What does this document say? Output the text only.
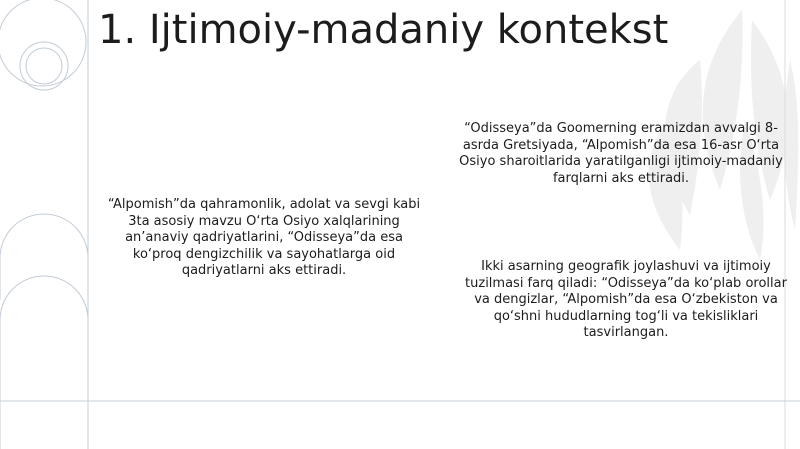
1. Ijtimoiy-madaniy kontekst

“Alpomish”da qahramonlik, adolat va sevgi kabi 3ta asosiy mavzu O‘rta Osiyo xalqlarining an’anaviy qadriyatlarini, “Odisseya”da esa ko‘proq dengizchilik va sayohatlarga oid qadriyatlarni aks ettiradi.

“Odisseya”da Goomerning eramizdan avvalgi 8-asrda Gretsiyada, “Alpomish”da esa 16-asr O‘rta Osiyo sharoitlarida yaratilganligi ijtimoiy-madaniy farqlarni aks ettiradi.

Ikki asarning geografik joylashuvi va ijtimoiy tuzilmasi farq qiladi: “Odisseya”da ko‘plab orollar va dengizlar, “Alpomish”da esa O‘zbekiston va qo‘shni hududlarning tog‘li va tekisliklari tasvirlangan.
